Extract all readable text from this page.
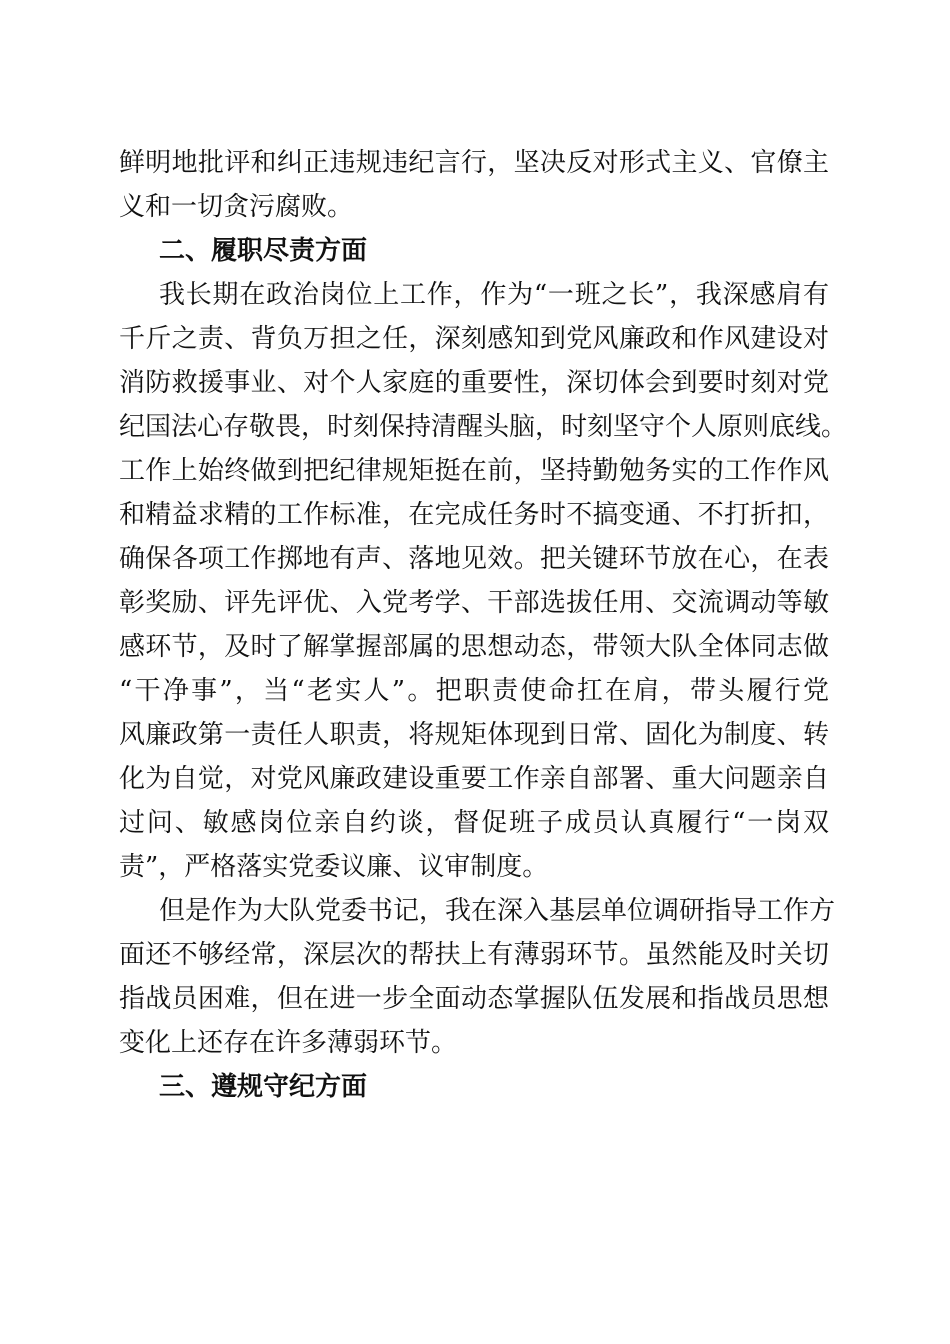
鲜明地批评和纠正违规违纪言行，坚决反对形式主义、官僚主
义和一切贪污腐败。
二、履职尽责方面
我长期在政治岗位上工作，作为“一班之长”，我深感肩有
千斤之责、背负万担之任，深刻感知到党风廉政和作风建设对
消防救援事业、对个人家庭的重要性，深切体会到要时刻对党
纪国法心存敬畏，时刻保持清醒头脑，时刻坚守个人原则底线。
工作上始终做到把纪律规矩挺在前，坚持勤勉务实的工作作风
和精益求精的工作标准，在完成任务时不搞变通、不打折扣，
确保各项工作掷地有声、落地见效。把关键环节放在心，在表
彰奖励、评先评优、入党考学、干部选拔任用、交流调动等敏
感环节，及时了解掌握部属的思想动态，带领大队全体同志做
“干净事”，当“老实人”。把职责使命扛在肩，带头履行党
风廉政第一责任人职责，将规矩体现到日常、固化为制度、转
化为自觉，对党风廉政建设重要工作亲自部署、重大问题亲自
过问、敏感岗位亲自约谈，督促班子成员认真履行“一岗双
责”，严格落实党委议廉、议审制度。
但是作为大队党委书记，我在深入基层单位调研指导工作方
面还不够经常，深层次的帮扶上有薄弱环节。虽然能及时关切
指战员困难，但在进一步全面动态掌握队伍发展和指战员思想
变化上还存在许多薄弱环节。
三、遵规守纪方面
